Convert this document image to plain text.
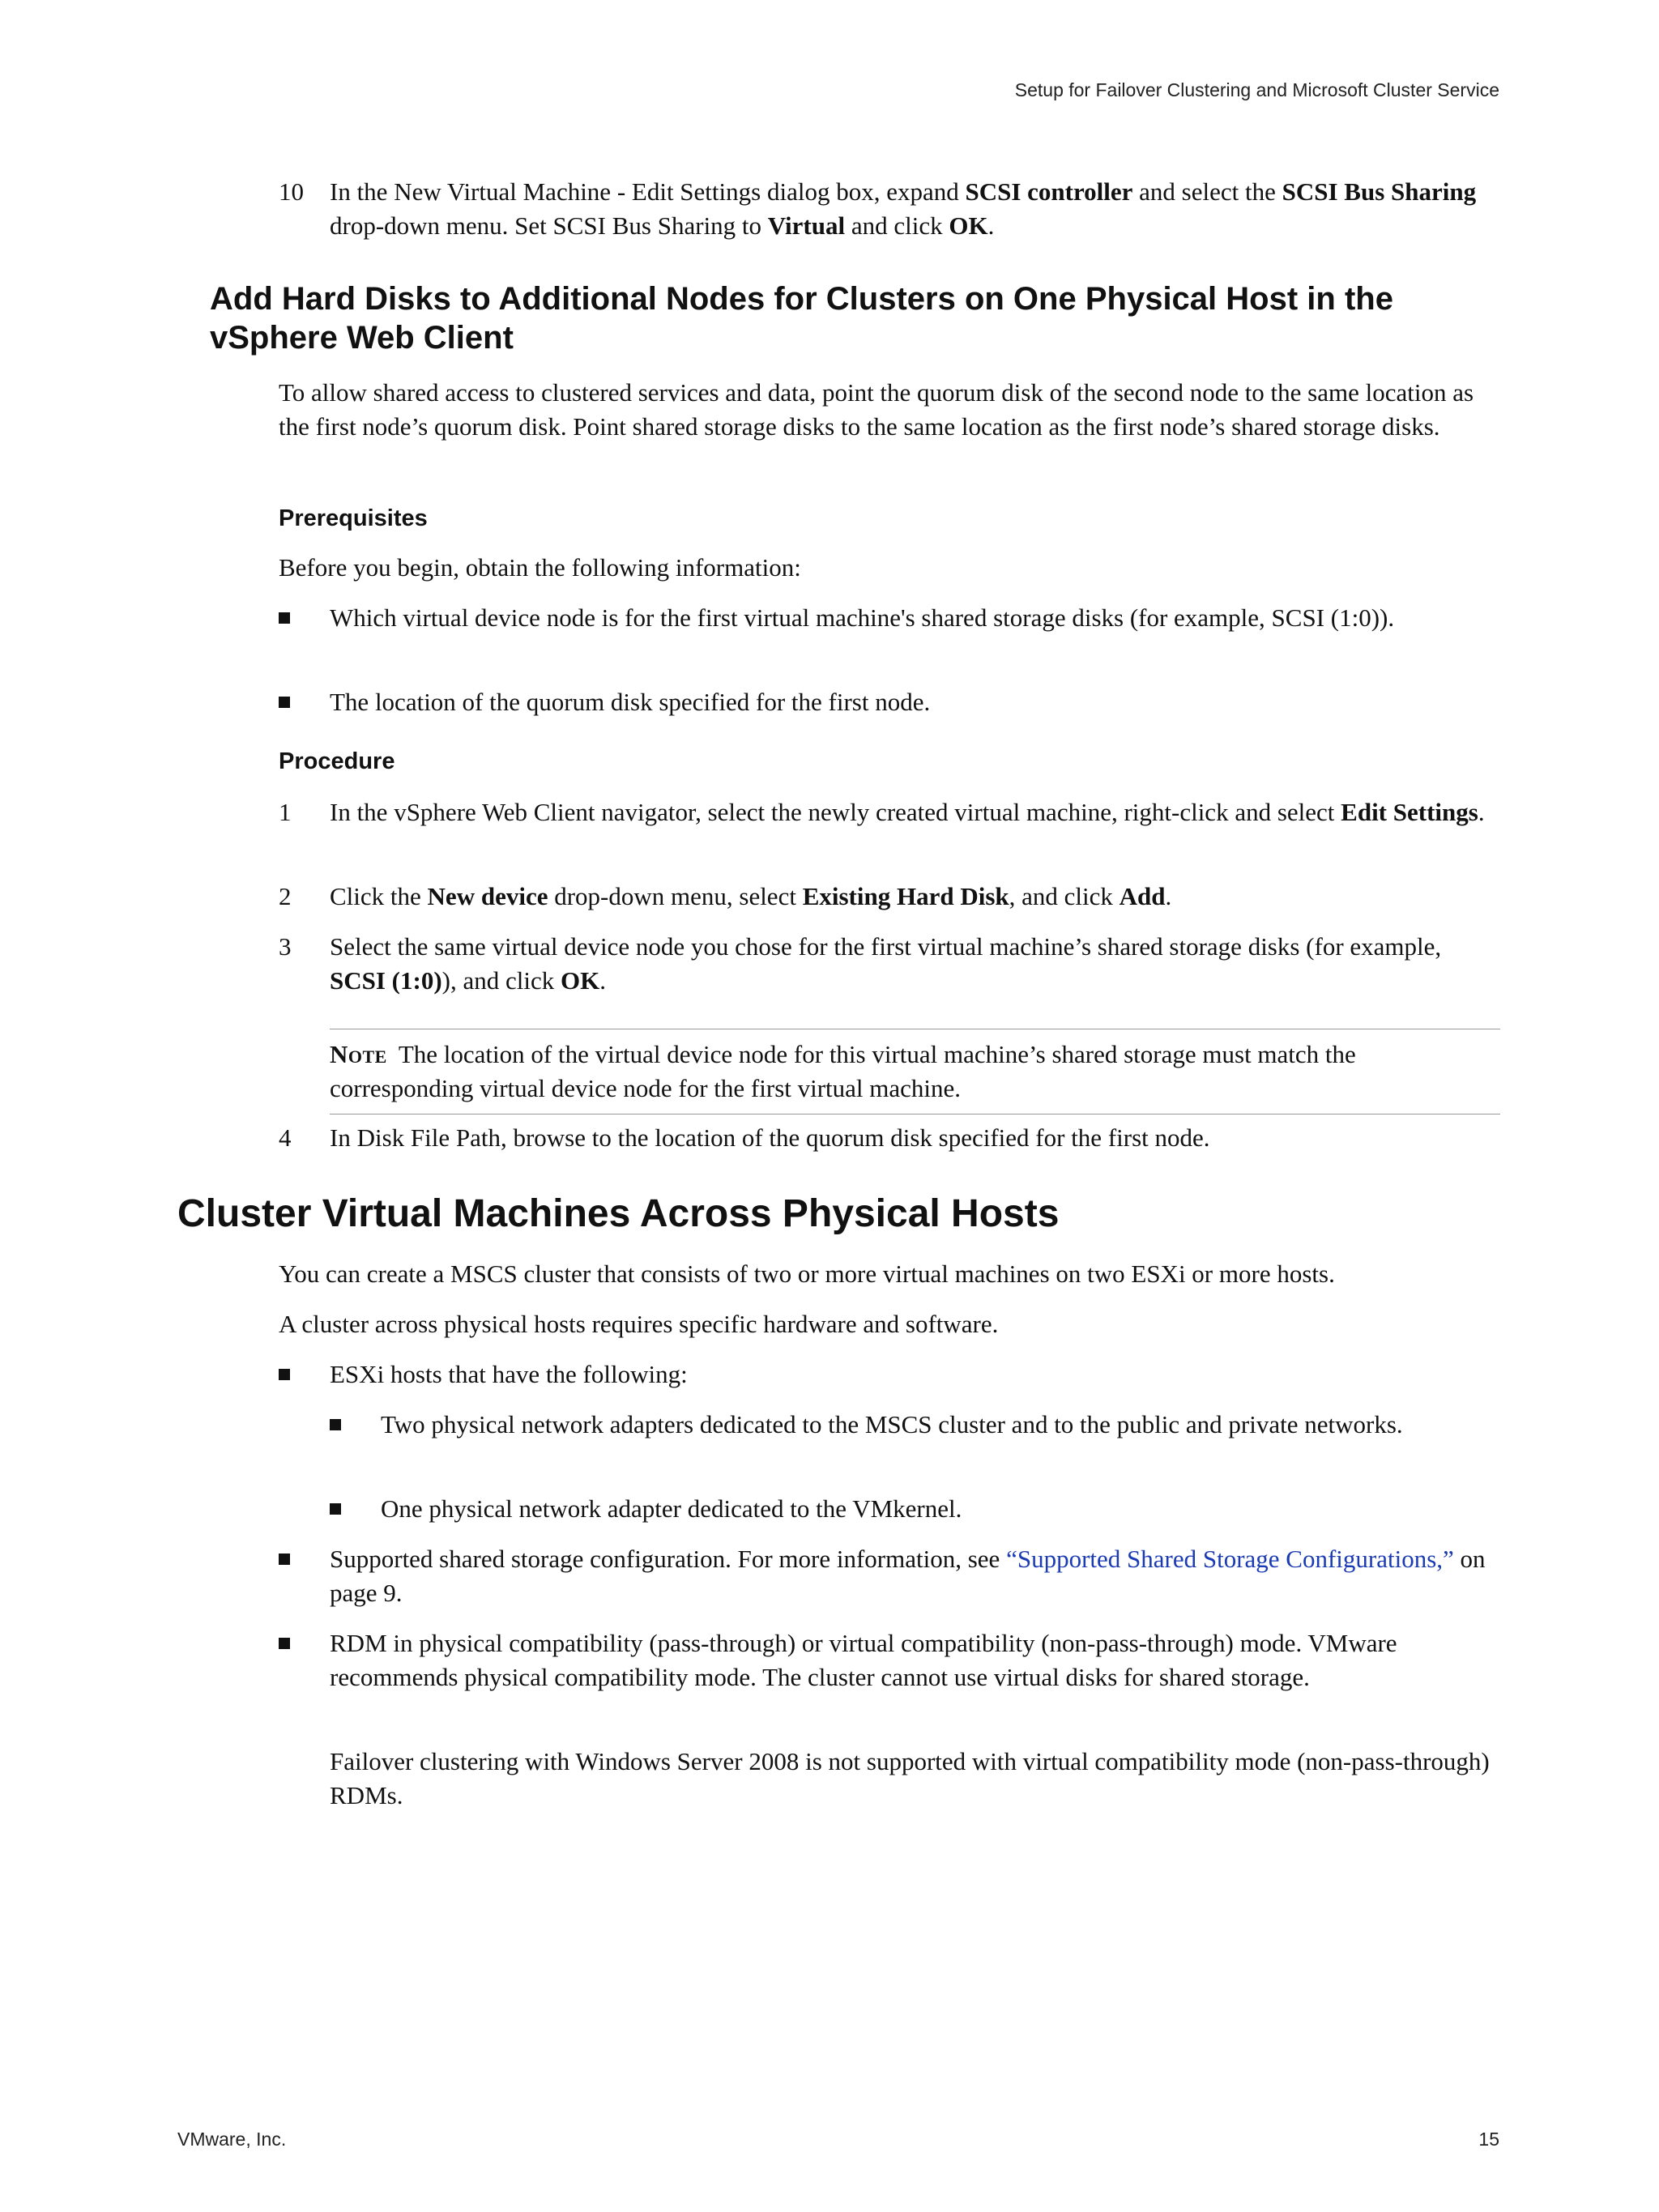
Setup for Failover Clustering and Microsoft Cluster Service
10 In the New Virtual Machine - Edit Settings dialog box, expand SCSI controller and select the SCSI Bus Sharing drop-down menu. Set SCSI Bus Sharing to Virtual and click OK.
Add Hard Disks to Additional Nodes for Clusters on One Physical Host in the vSphere Web Client
To allow shared access to clustered services and data, point the quorum disk of the second node to the same location as the first node’s quorum disk. Point shared storage disks to the same location as the first node’s shared storage disks.
Prerequisites
Before you begin, obtain the following information:
Which virtual device node is for the first virtual machine's shared storage disks (for example, SCSI (1:0)).
The location of the quorum disk specified for the first node.
Procedure
1	In the vSphere Web Client navigator, select the newly created virtual machine, right-click and select Edit Settings.
2	Click the New device drop-down menu, select Existing Hard Disk, and click Add.
3	Select the same virtual device node you chose for the first virtual machine’s shared storage disks (for example, SCSI (1:0)), and click OK.
Note The location of the virtual device node for this virtual machine’s shared storage must match the corresponding virtual device node for the first virtual machine.
4	In Disk File Path, browse to the location of the quorum disk specified for the first node.
Cluster Virtual Machines Across Physical Hosts
You can create a MSCS cluster that consists of two or more virtual machines on two ESXi or more hosts.
A cluster across physical hosts requires specific hardware and software.
ESXi hosts that have the following:
Two physical network adapters dedicated to the MSCS cluster and to the public and private networks.
One physical network adapter dedicated to the VMkernel.
Supported shared storage configuration. For more information, see “Supported Shared Storage Configurations,” on page 9.
RDM in physical compatibility (pass-through) or virtual compatibility (non-pass-through) mode. VMware recommends physical compatibility mode. The cluster cannot use virtual disks for shared storage.
Failover clustering with Windows Server 2008 is not supported with virtual compatibility mode (non-pass-through) RDMs.
VMware, Inc.	15
